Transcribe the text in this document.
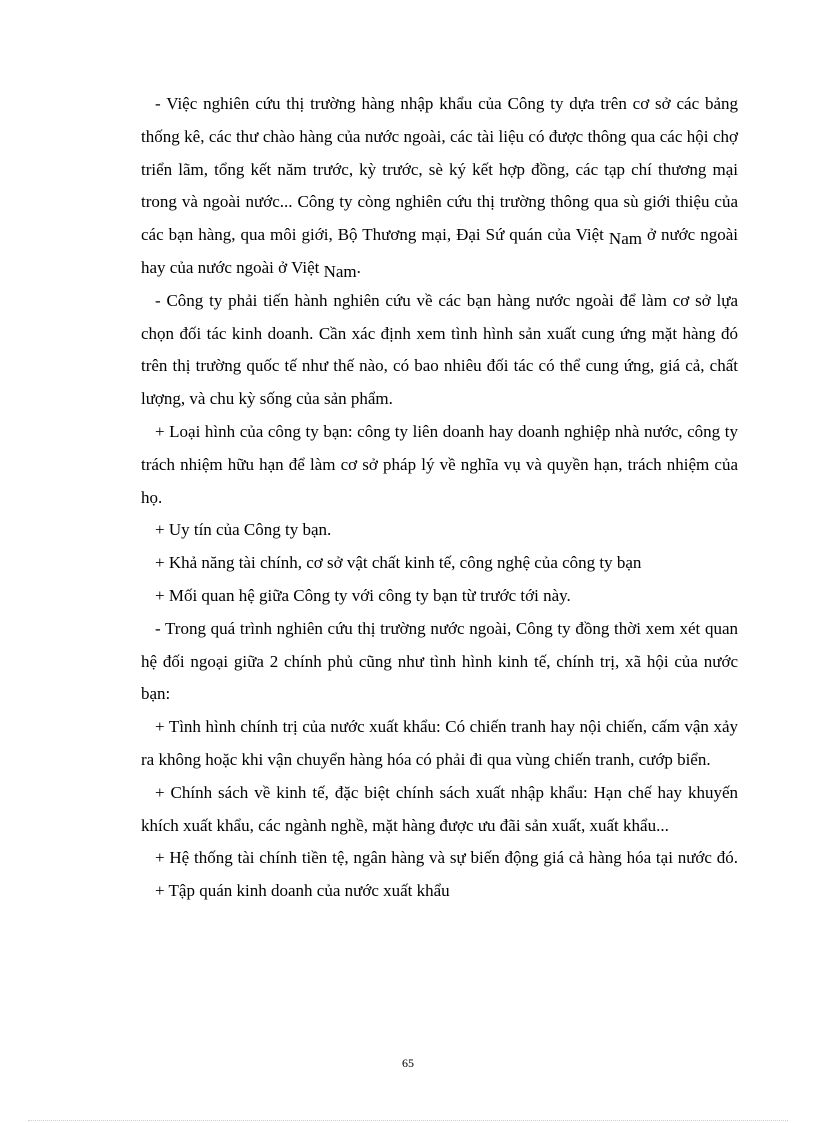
- Việc nghiên cứu thị trường hàng nhập khẩu của Công ty dựa trên cơ sở các bảng thống kê, các thư chào hàng của nước ngoài, các tài liệu có được thông qua các hội chợ triển lãm, tổng kết năm trước, kỳ trước, sè ký kết hợp đồng, các tạp chí thương mại trong và ngoài nước... Công ty còng nghiên cứu thị trường thông qua sù giới thiệu của các bạn hàng, qua môi giới, Bộ Thương mại, Đại Sứ quán của Việt Nam ở nước ngoài hay của nước ngoài ở Việt Nam.

- Công ty phải tiến hành nghiên cứu về các bạn hàng nước ngoài để làm cơ sở lựa chọn đối tác kinh doanh. Cần xác định xem tình hình sản xuất cung ứng mặt hàng đó trên thị trường quốc tế như thế nào, có bao nhiêu đối tác có thể cung ứng, giá cả, chất lượng, và chu kỳ sống của sản phẩm.

+ Loại hình của công ty bạn: công ty liên doanh hay doanh nghiệp nhà nước, công ty trách nhiệm hữu hạn để làm cơ sở pháp lý về nghĩa vụ và quyền hạn, trách nhiệm của họ.

+ Uy tín của Công ty bạn.

+ Khả năng tài chính, cơ sở vật chất kinh tế, công nghệ của công ty bạn

+ Mối quan hệ giữa Công ty với công ty bạn từ trước tới này.

- Trong quá trình nghiên cứu thị trường nước ngoài, Công ty đồng thời xem xét quan hệ đối ngoại giữa 2 chính phủ cũng như tình hình kinh tế, chính trị, xã hội của nước bạn:

+ Tình hình chính trị của nước xuất khẩu: Có chiến tranh hay nội chiến, cấm vận xảy ra không hoặc khi vận chuyển hàng hóa có phải đi qua vùng chiến tranh, cướp biển.

+ Chính sách về kinh tế, đặc biệt chính sách xuất nhập khẩu: Hạn chế hay khuyến khích xuất khẩu, các ngành nghề, mặt hàng được ưu đãi sản xuất, xuất khẩu...

+ Hệ thống tài chính tiền tệ, ngân hàng và sự biến động giá cả hàng hóa tại nước đó.

+ Tập quán kinh doanh của nước xuất khẩu

65
